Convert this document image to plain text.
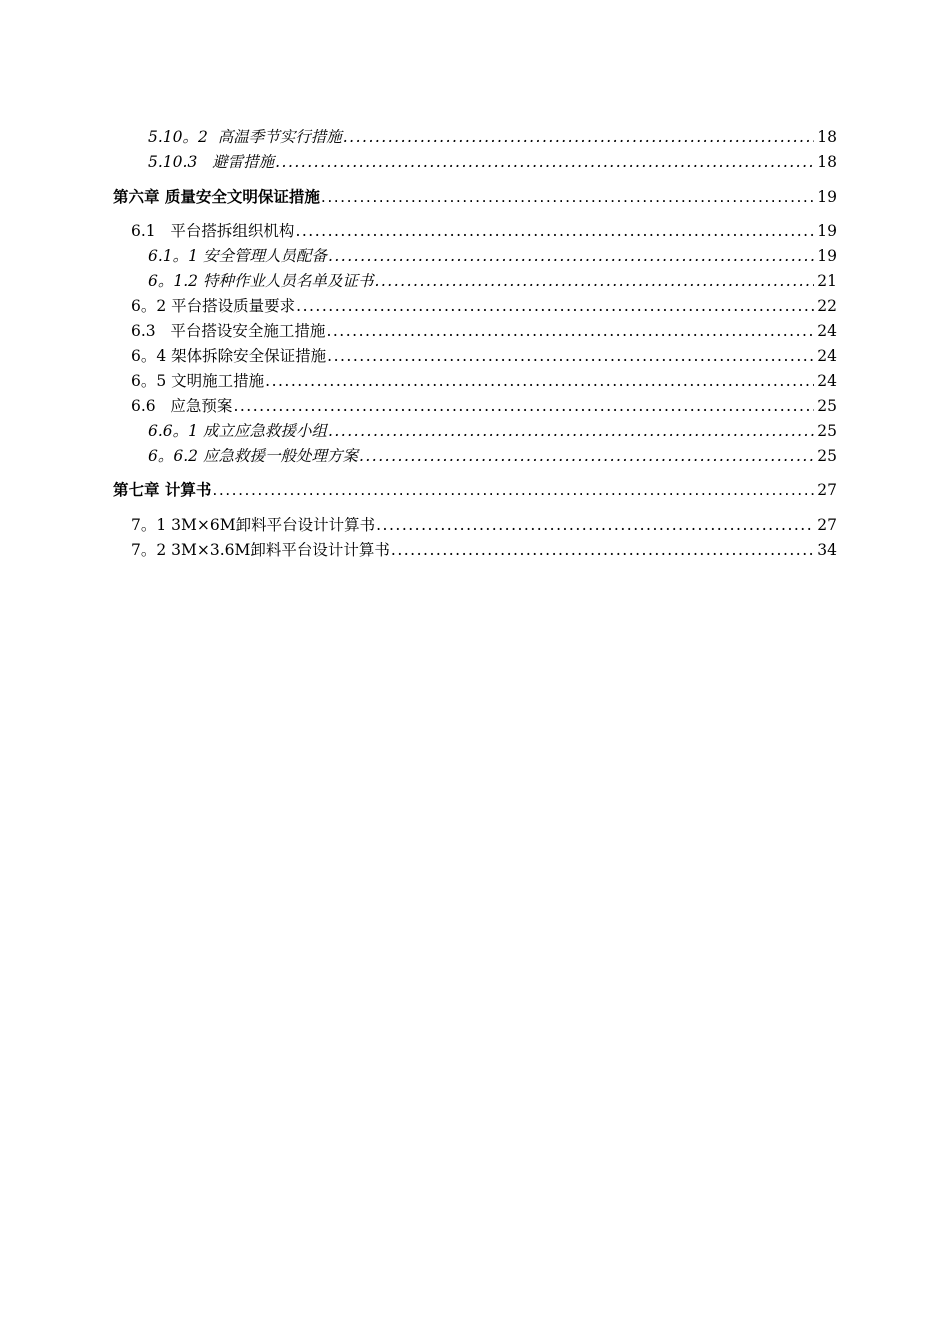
5.10。2  高温季节实行措施 .....	18
5.10.3   避雷措施 .....	18
第六章 质量安全文明保证措施 .....	19
6.1   平台搭拆组织机构 .....	19
6.1。1 安全管理人员配备 .....	19
6。1.2 特种作业人员名单及证书 .....	21
6。2 平台搭设质量要求 .....	22
6.3   平台搭设安全施工措施 .....	24
6。4 架体拆除安全保证措施 .....	24
6。5 文明施工措施 .....	24
6.6   应急预案 .....	25
6.6。1 成立应急救援小组 .....	25
6。6.2 应急救援一般处理方案 .....	25
第七章 计算书 .....	27
7。1 3M×6M卸料平台设计计算书 .....	27
7。2 3M×3.6M卸料平台设计计算书 .....	34
